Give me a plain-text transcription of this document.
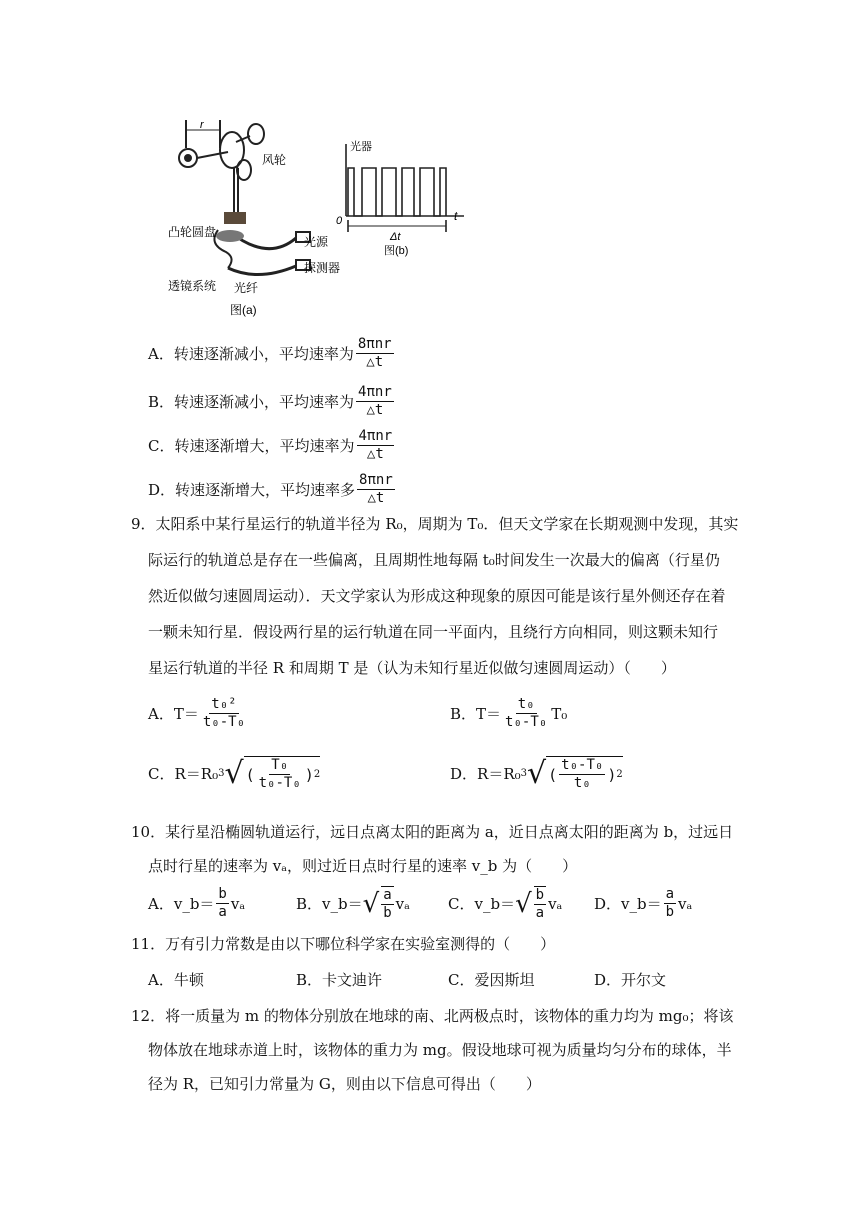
r
风轮
凸轮圆盘
光源
透镜系统 光纤
探测器
图(a)
光器
0	t
Δt
图(b)
A． 转速逐渐减小，平均速率为 $\frac{\text{8πnr}}{\triangle t}$
B． 转速逐渐减小，平均速率为 $\frac{\text{4πnr}}{\triangle t}$
C． 转速逐渐增大，平均速率为 $\frac{\text{4πnr}}{\triangle t}$
D． 转速逐渐增大，平均速率多 $\frac{\text{8πnr}}{\triangle t}$
9．太阳系中某行星运行的轨道半径为 R₀，周期为 T₀．但天文学家在长期观测中发现，其实
际运行的轨道总是存在一些偏离，且周期性地每隔 t₀时间发生一次最大的偏离（行星仍
然近似做匀速圆周运动）．天文学家认为形成这种现象的原因可能是该行星外侧还存在着
一颗未知行星．假设两行星的运行轨道在同一平面内，且绕行方向相同，则这颗未知行
星运行轨道的半径 R 和周期 T 是（认为未知行星近似做匀速圆周运动）（　　）
A． $T= \frac{\text{t₀²}}{\text{t₀-T₀}}$	B． $T= \frac{\text{t₀}}{\text{t₀-T₀}} T_0$
C． R＝R₀ 3 √ ( $\frac{\text{T₀}}{\text{t₀-T₀}}$ ) 2	D． R＝R₀ 3 √ ( $\frac{\text{t₀-T₀}}{\text{t₀}}$ ) 2
10．某行星沿椭圆轨道运行，远日点离太阳的距离为 a，近日点离太阳的距离为 b，过远日
点时行星的速率为 vₐ，则过近日点时行星的速率 v_b 为（　　）
A． v_b＝ $\frac{b}{a}$ vₐ	B． v_b＝ √ $\frac{a}{b}$ vₐ	C． v_b＝ √ $\frac{b}{a}$ vₐ D． v_b＝ $\frac{a}{b}$ vₐ
11．万有引力常数是由以下哪位科学家在实验室测得的（　　）
A．牛顿	B．卡文迪许	C．爱因斯坦	D．开尔文
12．将一质量为 m 的物体分别放在地球的南、北两极点时，该物体的重力均为 mg₀；将该
物体放在地球赤道上时，该物体的重力为 mg。假设地球可视为质量均匀分布的球体，半
径为 R，已知引力常量为 G，则由以下信息可得出（　　）
